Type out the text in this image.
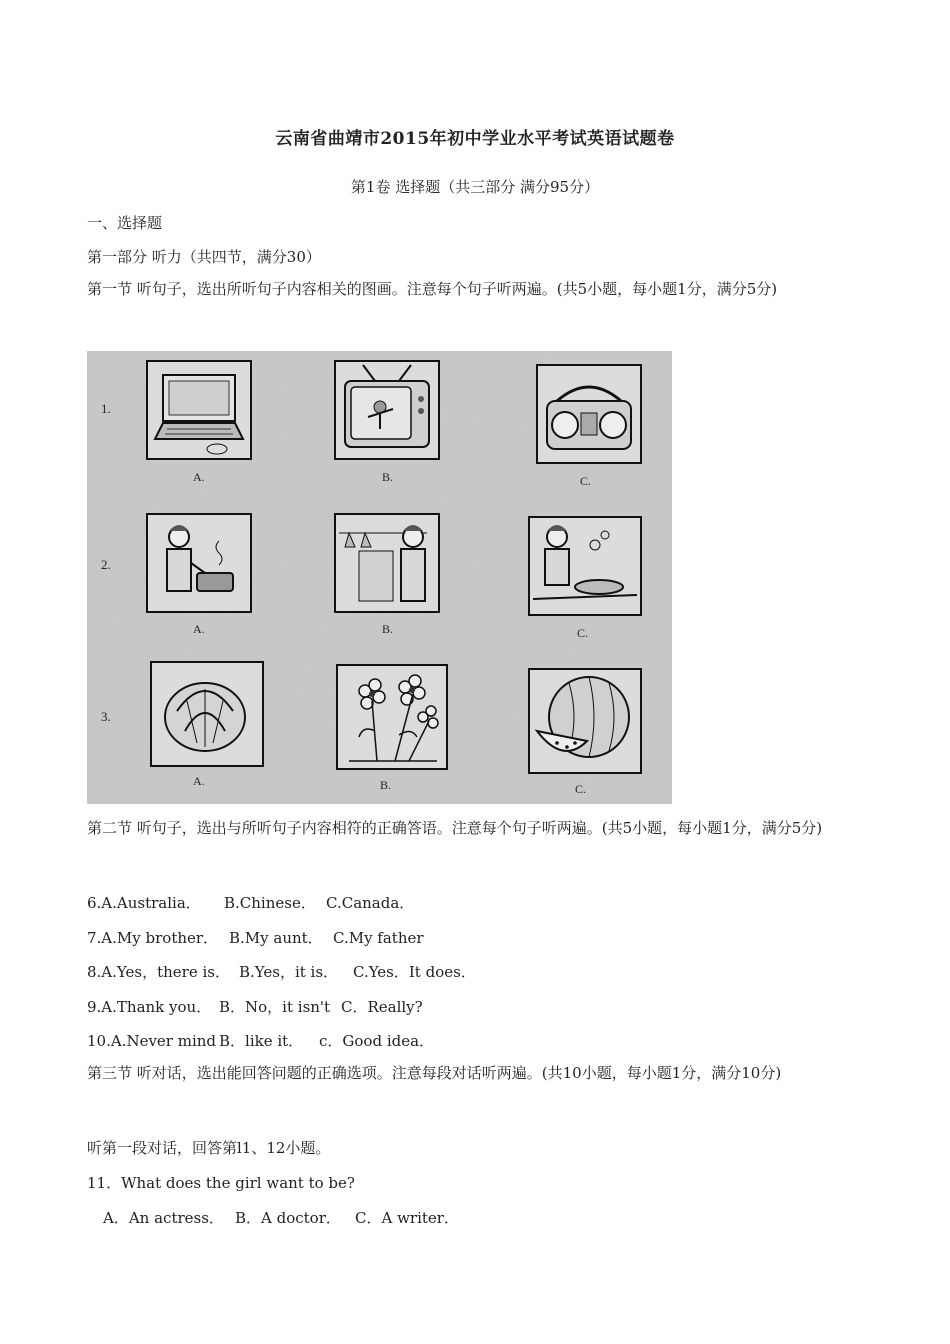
云南省曲靖市2015年初中学业水平考试英语试题卷
第1卷 选择题（共三部分 满分95分）
一、选择题
第一部分 听力（共四节，满分30）
第一节 听句子，选出所听句子内容相关的图画。注意每个句子听两遍。(共5小题，每小题1分，满分5分)
1.
2.
3.
A.	B.	C.
A.	B.	C.
A.	B.	C.
第二节 听句子，选出与所听句子内容相符的正确答语。注意每个句子听两遍。(共5小题，每小题1分，满分5分)
6.A.Australia． B.Chinese． C.Canada．
7.A.My brother． B.My aunt． C.My father
8.A.Yes，there is． B.Yes，it is． C.Yes．It does．
9.A.Thank you． B．No，it isn't C．Really?
10.A.Never mind B．like it． c．Good idea．
第三节 听对话，选出能回答问题的正确选项。注意每段对话听两遍。(共10小题，每小题1分，满分10分)
听第一段对话，回答第l1、12小题。
11．What does the girl want to be?
A．An actress． B．A doctor． C．A writer．
